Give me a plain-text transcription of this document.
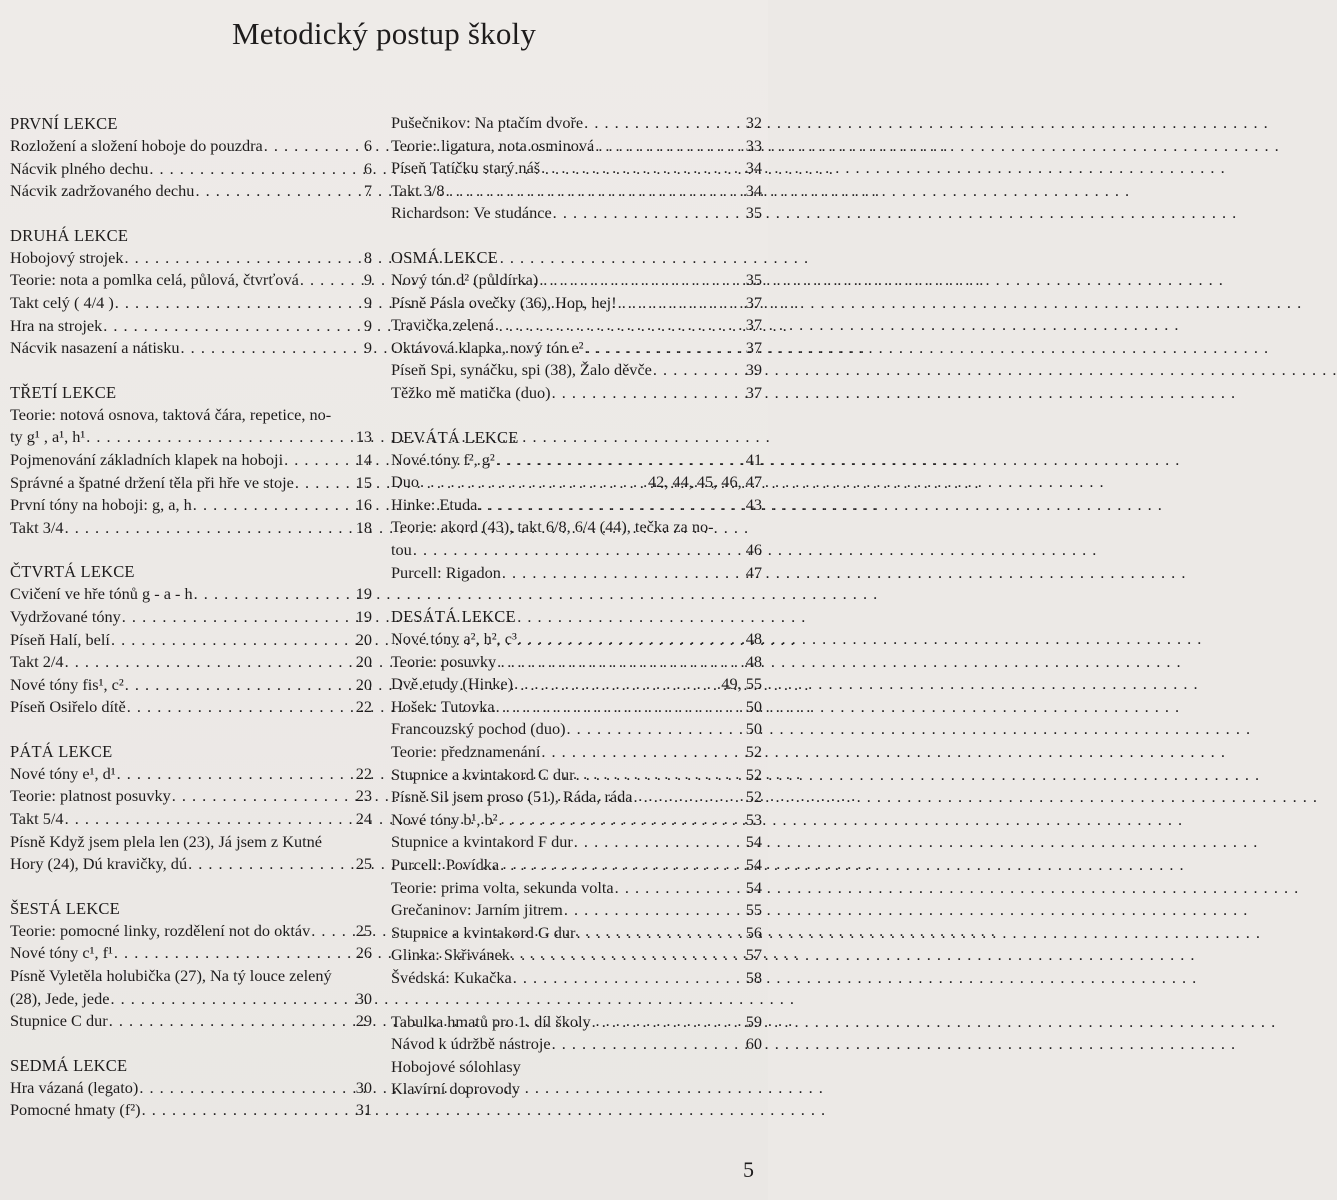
Metodický postup školy
PRVNÍ LEKCE
Rozložení a složení hoboje do pouzdra . . .	6
Nácvik plného dechu . . .	6
Nácvik zadržovaného dechu . . .	7
DRUHÁ LEKCE
Hobojový strojek . . .	8
Teorie: nota a pomlka celá, půlová, čtvrťová . . .	9
Takt celý ( 4/4 ) . . .	9
Hra na strojek . . .	9
Nácvik nasazení a nátisku . . .	9
TŘETÍ LEKCE
Teorie: notová osnova, taktová čára, repetice, no-
ty g¹ , a¹, h¹ . . .	13
Pojmenování základních klapek na hoboji . . .	14
Správné a špatné držení těla při hře ve stoje . . .	15
První tóny na hoboji: g, a, h . . .	16
Takt 3/4 . . .	18
ČTVRTÁ LEKCE
Cvičení ve hře tónů g - a - h . . .	19
Vydržované tóny . . .	19
Píseň Halí, belí . . .	20
Takt 2/4 . . .	20
Nové tóny fis¹, c² . . .	20
Píseň Osiřelo dítě . . .	22
PÁTÁ LEKCE
Nové tóny e¹, d¹ . . .	22
Teorie: platnost posuvky . . .	23
Takt 5/4 . . .	24
Písně Když jsem plela len (23), Já jsem z Kutné
Hory (24), Dú kravičky, dú . . .	25
ŠESTÁ LEKCE
Teorie: pomocné linky, rozdělení not do oktáv . . .	25
Nové tóny c¹, f¹ . . .	26
Písně Vyletěla holubička (27), Na tý louce zelený
(28), Jede, jede . . .	30
Stupnice C dur . . .	29
SEDMÁ LEKCE
Hra vázaná (legato) . . .	30
Pomocné hmaty (f²) . . .	31
Pušečnikov: Na ptačím dvoře . . .	32
Teorie: ligatura, nota osminová . . .	33
Píseň Tatíčku starý náš . . .	34
Takt 3/8 . . .	34
Richardson: Ve studánce . . .	35
OSMÁ LEKCE
Nový tón d² (půldírka) . . .	35
Písně Pásla ovečky (36), Hop, hej! . . .	37
Travička zelená . . .	37
Oktávová klapka, nový tón e² . . .	37
Píseň Spi, synáčku, spi (38), Žalo děvče . . .	39
Těžko mě matička (duo) . . .	37
DEVÁTÁ LEKCE
Nové tóny f², g² . . .	41
Duo . . .	42, 44, 45, 46, 47
Hinke: Etuda . . .	43
Teorie: akord (43), takt 6/8, 6/4 (44), tečka za no-
tou . . .	46
Purcell: Rigadon . . .	47
DESÁTÁ LEKCE
Nové tóny a², h², c³ . . .	48
Teorie: posuvky . . .	48
Dvě etudy (Hinke) . . .	49, 55
Hošek: Tutovka . . .	50
Francouzský pochod (duo) . . .	50
Teorie: předznamenání . . .	52
Stupnice a kvintakord C dur . . .	52
Písně Sil jsem proso (51), Ráda, ráda . . .	52
Nové tóny b¹, b² . . .	53
Stupnice a kvintakord F dur . . .	54
Purcell: Povídka . . .	54
Teorie: prima volta, sekunda volta . . .	54
Grečaninov: Jarním jitrem . . .	55
Stupnice a kvintakord G dur . . .	56
Glinka: Skřivánek . . .	57
Švédská: Kukačka . . .	58
Tabulka hmatů pro 1. díl školy . . .	59
Návod k údržbě nástroje . . .	60
Hobojové sólohlasy
Klavírní doprovody
5
